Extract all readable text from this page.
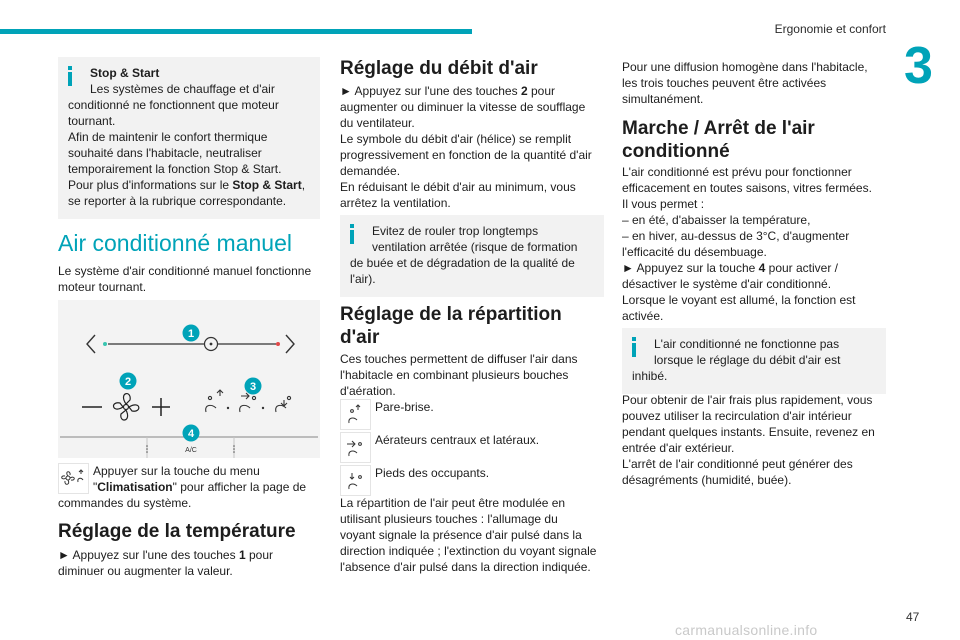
Ergonomie et confort
3

Stop & Start

Les systèmes de chauffage et d'air

conditionné ne fonctionnent que moteur

tournant.

Afin de maintenir le confort thermique

souhaité dans l'habitacle, neutraliser

temporairement la fonction Stop & Start.

Pour plus d'informations sur le Stop & Start,

se reporter à la rubrique correspondante.

Air conditionné manuel

Le système d'air conditionné manuel fonctionne

moteur tournant.

1
2	3
4
A/C

Appuyer sur la touche du menu

"Climatisation" pour afficher la page de

commandes du système.

Réglage de la température

► Appuyez sur l'une des touches 1 pour

diminuer ou augmenter la valeur.

Réglage du débit d'air

► Appuyez sur l'une des touches 2 pour

augmenter ou diminuer la vitesse de soufflage

du ventilateur.

Le symbole du débit d'air (hélice) se remplit

progressivement en fonction de la quantité d'air

demandée.

En réduisant le débit d'air au minimum, vous

arrêtez la ventilation.

Evitez de rouler trop longtemps

ventilation arrêtée (risque de formation

de buée et de dégradation de la qualité de

l'air).

Réglage de la répartition
d'air

Ces touches permettent de diffuser l'air dans

l'habitacle en combinant plusieurs bouches

d'aération.

Pare-brise.

Aérateurs centraux et latéraux.

Pieds des occupants.

La répartition de l'air peut être modulée en

utilisant plusieurs touches : l'allumage du

voyant signale la présence d'air pulsé dans la

direction indiquée ; l'extinction du voyant signale

l'absence d'air pulsé dans la direction indiquée.

Pour une diffusion homogène dans l'habitacle,

les trois touches peuvent être activées

simultanément.

Marche / Arrêt de l'air
conditionné

L'air conditionné est prévu pour fonctionner

efficacement en toutes saisons, vitres fermées.

Il vous permet :

– en été, d'abaisser la température,

– en hiver, au-dessus de 3°C, d'augmenter

l'efficacité du désembuage.

► Appuyez sur la touche 4 pour activer /

désactiver le système d'air conditionné.

Lorsque le voyant est allumé, la fonction est

activée.

L'air conditionné ne fonctionne pas

lorsque le réglage du débit d'air est

inhibé.

Pour obtenir de l'air frais plus rapidement, vous

pouvez utiliser la recirculation d'air intérieur

pendant quelques instants. Ensuite, revenez en

entrée d'air extérieur.

L'arrêt de l'air conditionné peut générer des

désagréments (humidité, buée).

47
carmanualsonline.info
